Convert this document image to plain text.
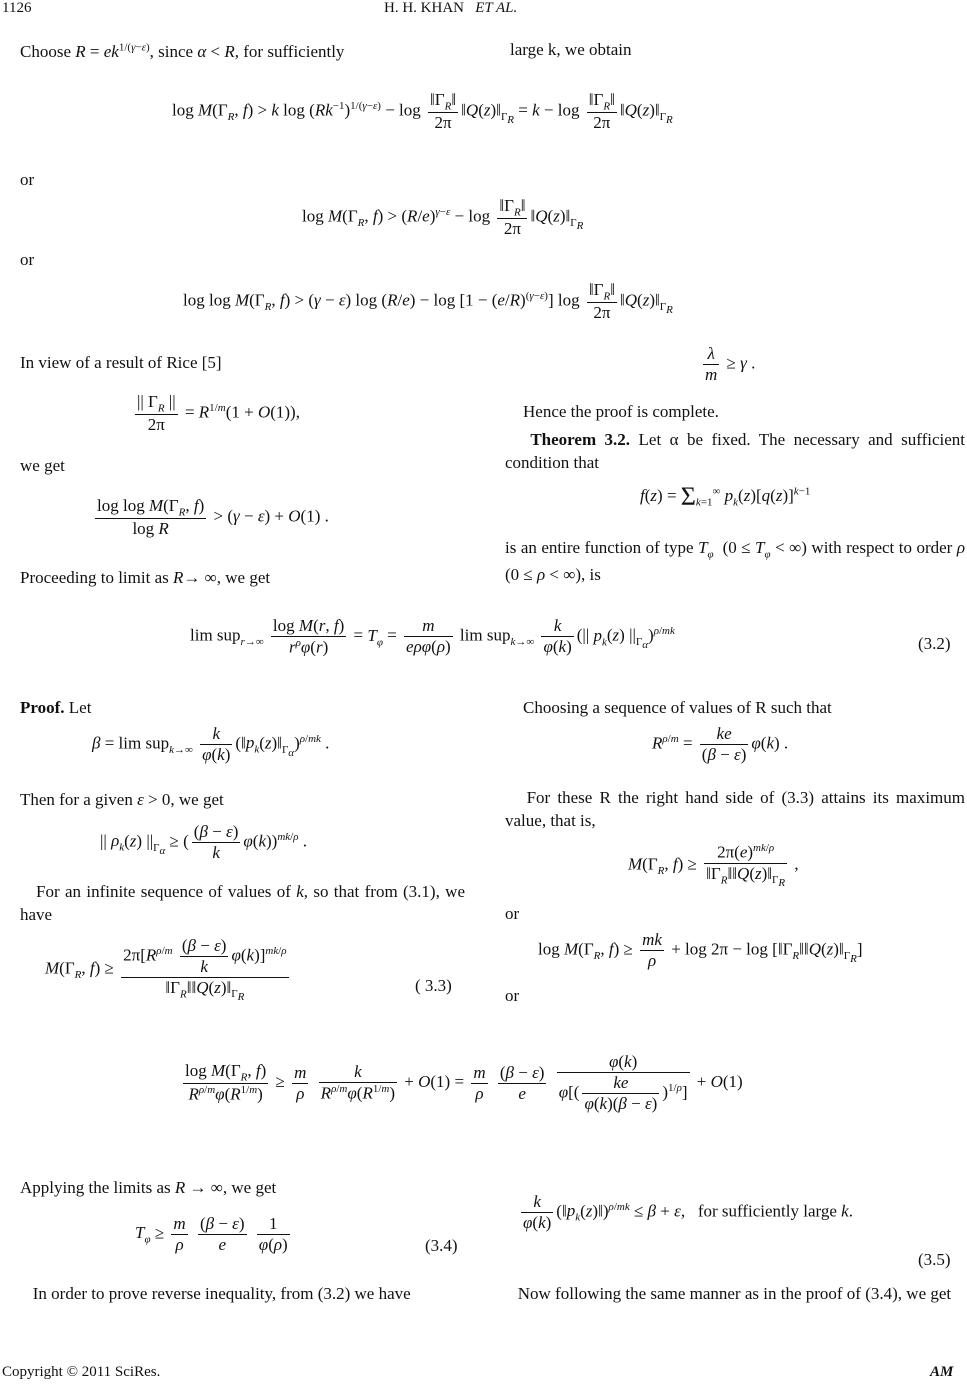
1126	H. H. KHAN ET AL.

Choose $R = ek^{1/(\gamma-\varepsilon)}$, since α < R, for sufficiently	large k, we obtain
$\log M(\Gamma_R$, f) > k $\log (Rk^{-1})^{1/(\gamma-\varepsilon)} - \log \frac{‖\Gamma_R‖}{2\pi}$ $‖Q(z)‖_{\Gamma_R} = k - \log \frac{‖\Gamma_R‖}{2\pi}$ $‖Q(z)‖_{\Gamma_R}$
or
$\log M(\Gamma_R$, $f) > (R/e)^{\gamma-\varepsilon} - \log \frac{‖\Gamma_R‖}{2\pi}$ $‖Q(z)‖_{\Gamma_R}$
or
$\log \log M(\Gamma_R$, f) > (γ − ε) $\log (R/e) - \log [1 - (e/R)^{(\gamma-\varepsilon)}]$ $\log \frac{‖\Gamma_R‖}{2\pi}$ $‖Q(z)‖_{\Gamma_R}$
In view of a result of Rice [5]	$\frac{\lambda}{m} \ge \gamma$ .
$\frac{|| \Gamma_R ||}{2\pi} = R^{1/m}(1 + O(1))$,	Hence the proof is complete.

Theorem 3.2. Let α be fixed. The necessary and sufficient condition that

we get
$f(z) = \Sigma_{k=1}^\infty$ $p_k(z)[q(z)]^{k-1}$
$\frac{\log \log M(\Gamma_R, f)}{\text{log R}} > (\gamma - \varepsilon) + O(1)$ .

is an entire function of type $T_\varphi$  ($0 \le T_\varphi$ < ∞) with respect to order ρ (0 ≤ ρ < ∞), is

Proceeding to limit as R→ ∞, we get
$\lim sup_{r\to\infty} \frac{\text{log M(r, f)}}{r^\rho\varphi(r)} = T_\varphi = \frac{m}{\text{eρφ(ρ)}}$ $\lim sup_{k\to\infty} \frac{k}{\varphi(k)}$ (|| $p_k(z)$ $||_{\Gamma_\alpha})^{\rho/mk}$
(3.2)
Proof. Let	Choosing a sequence of values of R such that
$\beta = \lim sup_{k\to\infty} \frac{k}{\varphi(k)}$ $(‖p_k(z)‖_{\Gamma_\alpha})^{\rho/mk}$ .	$R^{\rho/m} = \frac{ke}{(\beta - \varepsilon)} \varphi(k)$ .
Then for a given ε > 0, we get	For these R the right hand side of (3.3) attains its maximum value, that is,

|| $\rho_k(z) ||_{\Gamma_\alpha}$ ≥ ( $\frac{(\beta - \varepsilon)}{k} \varphi(k))^{mk/\rho}$ .
$M(\Gamma_R$, $f) \ge \frac{2\pi(e)^{mk/\rho}}{‖\Gamma_R‖‖Q(z)‖_{\Gamma_R}}$ ,

For an infinite sequence of values of k, so that from (3.1), we have	or
$\log M(\Gamma_R$, $f) \ge \frac{mk}{\rho} + \log 2\pi - \log$ $[‖\Gamma_R‖‖Q(z)‖_{\Gamma_R}]$
$M(\Gamma_R$, $f) \ge \frac{2\pi[R^{\rho/m} \frac{(\beta - \varepsilon)}{k} \varphi(k)]^{mk/\rho}}{‖\Gamma_R‖‖Q(z)‖_{\Gamma_R}}$	( 3.3)
or
$\frac{\log M(\Gamma_R, f)}{R^{\rho/m}\varphi(R^{1/m})} \ge \frac{m}{\rho}$
$\frac{k}{R^{\rho/m}\varphi(R^{1/m})} + O(1) = \frac{m}{\rho}$
$\frac{(\beta - \varepsilon)}{e}$
$\frac{\varphi(k)}{\varphi[( \frac{ke}{\varphi(k)(\beta - \varepsilon)} )^{1/\rho}]} + O(1)$
Applying the limits as R → ∞, we get
$\frac{k}{\varphi(k)}$ $(‖p_k(z)‖)^{\rho/mk} \le \beta + \varepsilon$,   for sufficiently large k.
$T_\varphi \ge \frac{m}{\rho}$
$\frac{(\beta - \varepsilon)}{e}$
$\frac{1}{\varphi(\rho)}$	(3.4)
(3.5)

In order to prove reverse inequality, from (3.2) we have	Now following the same manner as in the proof of (3.4), we get

Copyright © 2011 SciRes.	AM
